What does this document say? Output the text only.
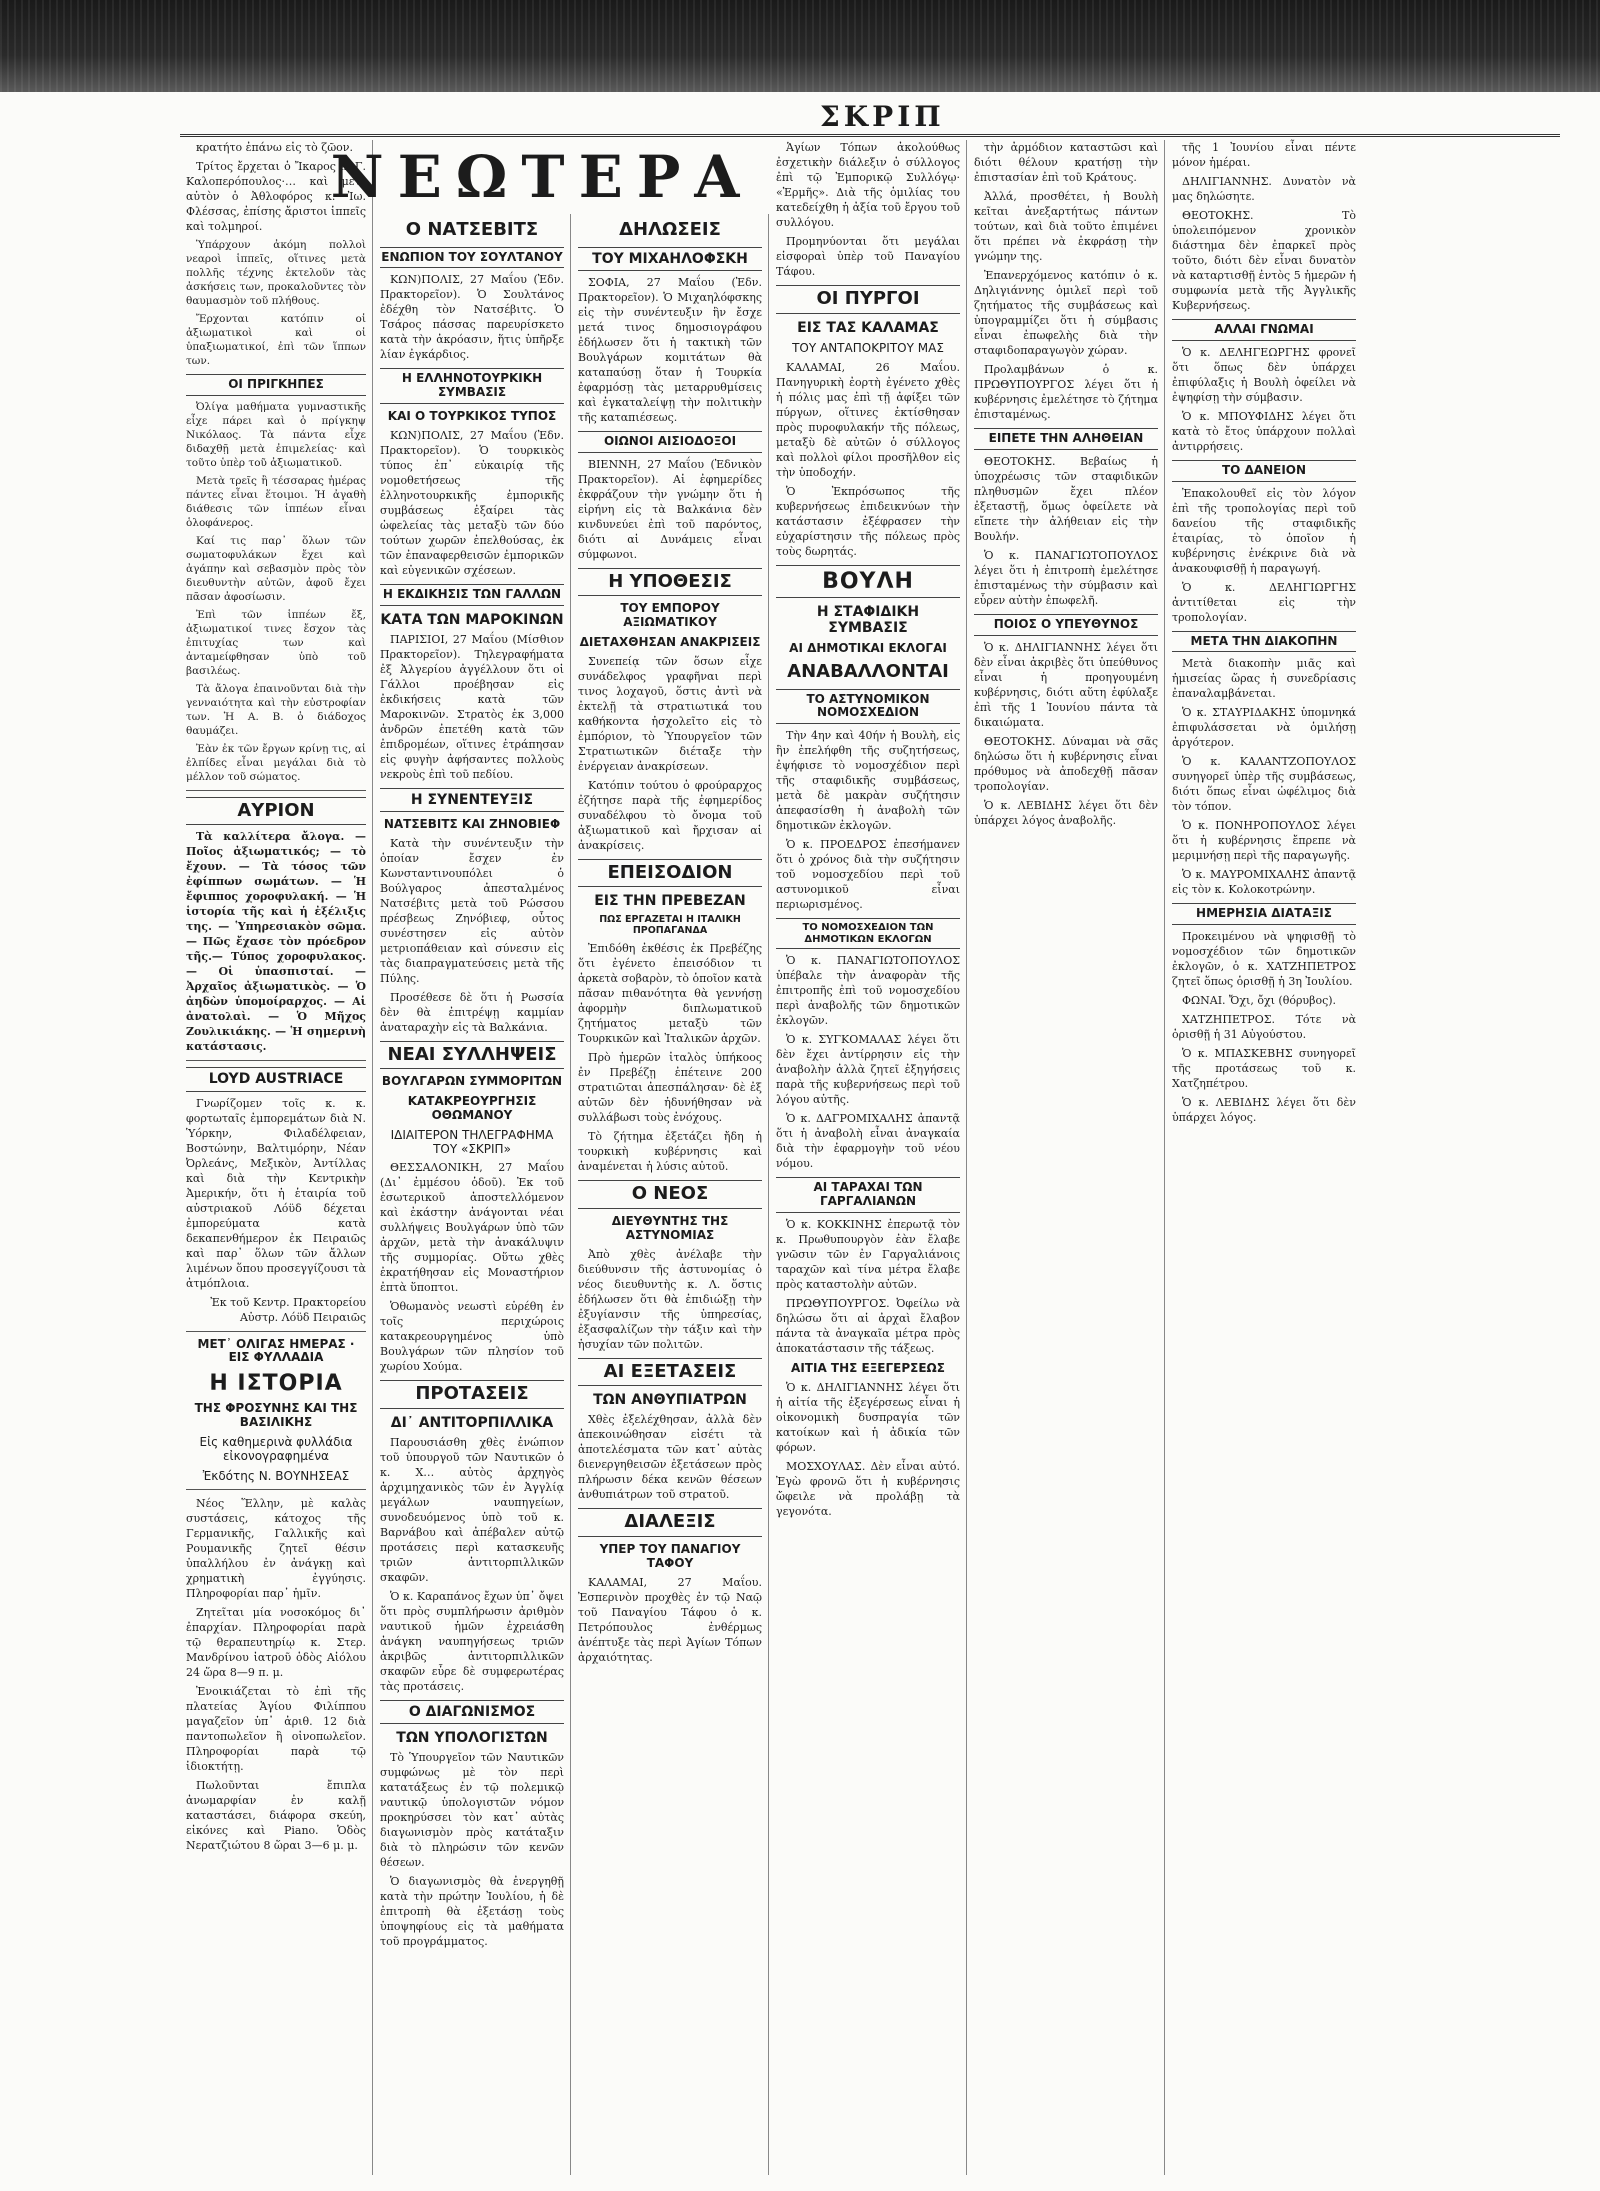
ΣΚΡΙΠ

κρατήτο ἐπάνω εἰς τὸ ζῶον.

Τρίτος ἔρχεται ὁ Ἴκαρος κ. Γ. Καλοπερόπουλος·… καὶ μετ᾽ αὐτὸν ὁ Ἀθλοφόρος κ. Ἰω. Φλέσσας, ἐπίσης ἄριστοι ἱππεῖς καὶ τολμηροί.

Ὑπάρχουν ἀκόμη πολλοὶ νεαροὶ ἱππεῖς, οἵτινες μετὰ πολλῆς τέχνης ἐκτελοῦν τὰς ἀσκήσεις των, προκαλοῦντες τὸν θαυμασμὸν τοῦ πλήθους.

Ἔρχονται κατόπιν οἱ ἀξιωματικοὶ καὶ οἱ ὑπαξιωματικοί, ἐπὶ τῶν ἵππων των.

ΟΙ ΠΡΙΓΚΗΠΕΣ

Ὀλίγα μαθήματα γυμναστικῆς εἶχε πάρει καὶ ὁ πρίγκηψ Νικόλαος. Τὰ πάντα εἶχε διδαχθῇ μετὰ ἐπιμελείας· καὶ τοῦτο ὑπὲρ τοῦ ἀξιωματικοῦ.

Μετὰ τρεῖς ἢ τέσσαρας ἡμέρας πάντες εἶναι ἕτοιμοι. Ἡ ἀγαθὴ διάθεσις τῶν ἱππέων εἶναι ὁλοφάνερος.

Καί τις παρ᾽ ὅλων τῶν σωματοφυλάκων ἔχει καὶ ἀγάπην καὶ σεβασμὸν πρὸς τὸν διευθυντὴν αὐτῶν, ἀφοῦ ἔχει πᾶσαν ἀφοσίωσιν.

Ἐπὶ τῶν ἱππέων ἔξ, ἀξιωματικοί τινες ἔσχον τὰς ἐπιτυχίας των καὶ ἀνταμείφθησαν ὑπὸ τοῦ βασιλέως.

Τὰ ἄλογα ἐπαινοῦνται διὰ τὴν γενναιότητα καὶ τὴν εὐστροφίαν των. Ἡ Α. Β. ὁ διάδοχος θαυμάζει.

Ἐὰν ἐκ τῶν ἔργων κρίνῃ τις, αἱ ἐλπίδες εἶναι μεγάλαι διὰ τὸ μέλλον τοῦ σώματος.

ΑΥΡΙΟΝ

Τὰ καλλίτερα ἄλογα. — Ποῖος ἀξιωματικός; — τὸ ἔχουν. — Τὰ τόσος τῶν ἐφίππων σωμάτων. — Ἡ ἔφιππος χοροφυλακή. — Ἡ ἱστορία τῆς καὶ ἡ ἐξέλιξις της. — Ὑπηρεσιακὸν σῶμα. — Πῶς ἔχασε τὸν πρόεδρον τῆς.— Τύπος χοροφυλακος.— Οἱ ὑπασπισταί. — Ἀρχαῖος ἀξιωματικὸς. — Ὁ ἀηδὼν ὑπομοίραρχος. — Αἱ ἀνατολαὶ. — Ὁ Μῆχος Ζουλικιάκης. — Ἡ σημερινὴ κατάστασις.

LOYD AUSTRIACE

Γνωρίζομεν τοῖς κ. κ. φορτωταῖς ἐμπορεμάτων διὰ Ν. Ὑόρκην, Φιλαδέλφειαν, Βοστώνην, Βαλτιμόρην, Νέαν Ὀρλεάνς, Μεξικὸν, Ἀντίλλας καὶ διὰ τὴν Κεντρικὴν Ἀμερικήν, ὅτι ἡ ἑταιρία τοῦ αὐστριακοῦ Λόϋδ δέχεται ἐμπορεύματα κατὰ δεκαπενθήμερον ἐκ Πειραιῶς καὶ παρ᾽ ὅλων τῶν ἄλλων λιμένων ὅπου προσεγγίζουσι τὰ ἀτμόπλοια.

Ἐκ τοῦ Κεντρ. Πρακτορείου Αὐστρ. Λόϋδ Πειραιῶς

ΜΕΤ᾽ ΟΛΙΓΑΣ ΗΜΕΡΑΣ · ΕΙΣ ΦΥΛΛΑΔΙΑ
Η ΙΣΤΟΡΙΑ
ΤΗΣ ΦΡΟΣΥΝΗΣ ΚΑΙ ΤΗΣ ΒΑΣΙΛΙΚΗΣ
Εἰς καθημερινὰ φυλλάδια εἰκονογραφημένα
Ἐκδότης Ν. ΒΟΥΝΗΣΕΑΣ

Νέος Ἕλλην, μὲ καλὰς συστάσεις, κάτοχος τῆς Γερμανικῆς, Γαλλικῆς καὶ Ρουμανικῆς ζητεῖ θέσιν ὑπαλλήλου ἐν ἀνάγκῃ καὶ χρηματικὴ ἐγγύησις. Πληροφορίαι παρ᾽ ἡμῖν.

Ζητεῖται μία νοσοκόμος δι᾽ ἐπαρχίαν. Πληροφορίαι παρὰ τῷ θεραπευτηρίῳ κ. Στερ. Μανδρίνου ἰατροῦ ὁδὸς Αἰόλου 24 ὥρα 8—9 π. μ.

Ἐνοικιάζεται τὸ ἐπὶ τῆς πλατείας Ἁγίου Φιλίππου μαγαζεῖον ὑπ᾽ ἀριθ. 12 διὰ παντοπωλεῖον ἢ οἰνοπωλεῖον. Πληροφορίαι παρὰ τῷ ἰδιοκτήτῃ.

Πωλοῦνται ἔπιπλα ἀνωμαρφίαν ἐν καλῇ καταστάσει, διάφορα σκεύη, εἰκόνες καὶ Piano. Ὁδὸς Νερατζιώτου 8 ὥραι 3—6 μ. μ.

ΝΕΩΤΕΡΑ
Ο ΝΑΤΣΕΒΙΤΣ
ΕΝΩΠΙΟΝ ΤΟΥ ΣΟΥΛΤΑΝΟΥ

ΚΩΝ)ΠΟΛΙΣ, 27 Μαΐου (Ἐδν. Πρακτορεῖον). Ὁ Σουλτάνος ἐδέχθη τὸν Νατσέβιτς. Ὁ Τσάρος πάσσας παρευρίσκετο κατὰ τὴν ἀκρόασιν, ἥτις ὑπῆρξε λίαν ἐγκάρδιος.

Η ΕΛΛΗΝΟΤΟΥΡΚΙΚΗ ΣΥΜΒΑΣΙΣ
ΚΑΙ Ο ΤΟΥΡΚΙΚΟΣ ΤΥΠΟΣ

ΚΩΝ)ΠΟΛΙΣ, 27 Μαΐου (Ἐδν. Πρακτορεῖον). Ὁ τουρκικὸς τύπος ἐπ᾽ εὐκαιρίᾳ τῆς νομοθετήσεως τῆς ἑλληνοτουρκικῆς ἐμπορικῆς συμβάσεως ἐξαίρει τὰς ὠφελείας τὰς μεταξὺ τῶν δύο τούτων χωρῶν ἐπελθούσας, ἐκ τῶν ἐπαναφερθεισῶν ἐμπορικῶν καὶ εὐγενικῶν σχέσεων.

Η ΕΚΔΙΚΗΣΙΣ ΤΩΝ ΓΑΛΛΩΝ
ΚΑΤΑ ΤΩΝ ΜΑΡΟΚΙΝΩΝ

ΠΑΡΙΣΙΟΙ, 27 Μαΐου (Μίσθιον Πρακτορεῖον). Τηλεγραφήματα ἐξ Ἀλγερίου ἀγγέλλουν ὅτι οἱ Γάλλοι προέβησαν εἰς ἐκδικήσεις κατὰ τῶν Μαροκινῶν. Στρατὸς ἐκ 3,000 ἀνδρῶν ἐπετέθη κατὰ τῶν ἐπιδρομέων, οἵτινες ἐτράπησαν εἰς φυγὴν ἀφήσαντες πολλοὺς νεκροὺς ἐπὶ τοῦ πεδίου.

Η ΣΥΝΕΝΤΕΥΞΙΣ
ΝΑΤΣΕΒΙΤΣ ΚΑΙ ΖΗΝΟΒΙΕΦ

Κατὰ τὴν συνέντευξιν τὴν ὁποίαν ἔσχεν ἐν Κωνσταντινουπόλει ὁ Βούλγαρος ἀπεσταλμένος Νατσέβιτς μετὰ τοῦ Ρώσσου πρέσβεως Ζηνόβιεφ, οὗτος συνέστησεν εἰς αὐτὸν μετριοπάθειαν καὶ σύνεσιν εἰς τὰς διαπραγματεύσεις μετὰ τῆς Πύλης.

Προσέθεσε δὲ ὅτι ἡ Ρωσσία δὲν θὰ ἐπιτρέψῃ καμμίαν ἀναταραχὴν εἰς τὰ Βαλκάνια.

ΝΕΑΙ ΣΥΛΛΗΨΕΙΣ
ΒΟΥΛΓΑΡΩΝ ΣΥΜΜΟΡΙΤΩΝ
ΚΑΤΑΚΡΕΟΥΡΓΗΣΙΣ ΟΘΩΜΑΝΟΥ
ΙΔΙΑΙΤΕΡΟΝ ΤΗΛΕΓΡΑΦΗΜΑ ΤΟΥ «ΣΚΡΙΠ»

ΘΕΣΣΑΛΟΝΙΚΗ, 27 Μαΐου (Δι᾽ ἐμμέσου ὁδοῦ). Ἐκ τοῦ ἐσωτερικοῦ ἀποστελλόμενον καὶ ἐκάστην ἀνάγονται νέαι συλλήψεις Βουλγάρων ὑπὸ τῶν ἀρχῶν, μετὰ τὴν ἀνακάλυψιν τῆς συμμορίας. Οὕτω χθὲς ἐκρατήθησαν εἰς Μοναστήριον ἐπτὰ ὕποπτοι.

Ὁθωμανὸς νεωστὶ εὑρέθη ἐν τοῖς περιχώροις κατακρεουργημένος ὑπὸ Βουλγάρων τῶν πλησίον τοῦ χωρίου Χούμα.

ΠΡΟΤΑΣΕΙΣ
ΔΙ᾽ ΑΝΤΙΤΟΡΠΙΛΛΙΚΑ

Παρουσιάσθη χθὲς ἐνώπιον τοῦ ὑπουργοῦ τῶν Ναυτικῶν ὁ κ. Χ… αὐτὸς ἀρχηγὸς ἀρχιμηχανικὸς τῶν ἐν Ἀγγλίᾳ μεγάλων ναυπηγείων, συνοδευόμενος ὑπὸ τοῦ κ. Βαρνάβου καὶ ἀπέβαλεν αὐτῷ προτάσεις περὶ κατασκευῆς τριῶν ἀντιτορπιλλικῶν σκαφῶν.

Ὁ κ. Καραπάνος ἔχων ὑπ᾽ ὄψει ὅτι πρὸς συμπλήρωσιν ἀριθμὸν ναυτικοῦ ἡμῶν ἐχρειάσθη ἀνάγκη ναυπηγήσεως τριῶν ἀκριβῶς ἀντιτορπιλλικῶν σκαφῶν εὗρε δὲ συμφερωτέρας τὰς προτάσεις.

Ο ΔΙΑΓΩΝΙΣΜΟΣ
ΤΩΝ ΥΠΟΛΟΓΙΣΤΩΝ

Τὸ Ὑπουργεῖον τῶν Ναυτικῶν συμφώνως μὲ τὸν περὶ κατατάξεως ἐν τῷ πολεμικῷ ναυτικῷ ὑπολογιστῶν νόμον προκηρύσσει τὸν κατ᾽ αὐτὰς διαγωνισμὸν πρὸς κατάταξιν διὰ τὸ πληρώσιν τῶν κενῶν θέσεων.

Ὁ διαγωνισμὸς θὰ ἐνεργηθῇ κατὰ τὴν πρώτην Ἰουλίου, ἡ δὲ ἐπιτροπὴ θὰ ἐξετάσῃ τοὺς ὑποψηφίους εἰς τὰ μαθήματα τοῦ προγράμματος.

ΔΗΛΩΣΕΙΣ
ΤΟΥ ΜΙΧΑΗΛΟΦΣΚΗ

ΣΟΦΙΑ, 27 Μαΐου (Ἐδν. Πρακτορεῖον). Ὁ Μιχαηλόφσκης εἰς τὴν συνέντευξιν ἣν ἔσχε μετά τινος δημοσιογράφου ἐδήλωσεν ὅτι ἡ τακτικὴ τῶν Βουλγάρων κομιτάτων θὰ καταπαύσῃ ὅταν ἡ Τουρκία ἐφαρμόσῃ τὰς μεταρρυθμίσεις καὶ ἐγκαταλείψῃ τὴν πολιτικὴν τῆς καταπιέσεως.

ΟΙΩΝΟΙ ΑΙΣΙΟΔΟΞΟΙ

ΒΙΕΝΝΗ, 27 Μαΐου (Ἐδνικὸν Πρακτορεῖον). Αἱ ἐφημερίδες ἐκφράζουν τὴν γνώμην ὅτι ἡ εἰρήνη εἰς τὰ Βαλκάνια δὲν κινδυνεύει ἐπὶ τοῦ παρόντος, διότι αἱ Δυνάμεις εἶναι σύμφωνοι.

Η ΥΠΟΘΕΣΙΣ
ΤΟΥ ΕΜΠΟΡΟΥ ΑΞΙΩΜΑΤΙΚΟΥ
ΔΙΕΤΑΧΘΗΣΑΝ ΑΝΑΚΡΙΣΕΙΣ

Συνεπείᾳ τῶν ὅσων εἶχε συνάδελφος γραφῆναι περὶ τινος λοχαγοῦ, ὅστις ἀντὶ νὰ ἐκτελῇ τὰ στρατιωτικά του καθήκοντα ἠσχολεῖτο εἰς τὸ ἐμπόριον, τὸ Ὑπουργεῖον τῶν Στρατιωτικῶν διέταξε τὴν ἐνέργειαν ἀνακρίσεων.

Κατόπιν τούτου ὁ φρούραρχος ἐζήτησε παρὰ τῆς ἐφημερίδος συναδέλφου τὸ ὄνομα τοῦ ἀξιωματικοῦ καὶ ἤρχισαν αἱ ἀνακρίσεις.

ΕΠΕΙΣΟΔΙΟΝ
ΕΙΣ ΤΗΝ ΠΡΕΒΕΖΑΝ
ΠΩΣ ΕΡΓΑΖΕΤΑΙ Η ΙΤΑΛΙΚΗ ΠΡΟΠΑΓΑΝΔΑ

Ἐπιδόθη ἐκθέσις ἐκ Πρεβέζης ὅτι ἐγένετο ἐπεισόδιον τι ἀρκετὰ σοβαρὸν, τὸ ὁποῖον κατὰ πᾶσαν πιθανότητα θὰ γεννήσῃ ἀφορμὴν διπλωματικοῦ ζητήματος μεταξὺ τῶν Τουρκικῶν καὶ Ἰταλικῶν ἀρχῶν.

Πρὸ ἡμερῶν ἰταλὸς ὑπήκοος ἐν Πρεβέζῃ ἐπέτεινε 200 στρατιῶται ἀπεσπάλησαν· δὲ ἐξ αὐτῶν δὲν ἠδυνήθησαν νὰ συλλάβωσι τοὺς ἐνόχους.

Τὸ ζήτημα ἐξετάζει ἤδη ἡ τουρκικὴ κυβέρνησις καὶ ἀναμένεται ἡ λύσις αὐτοῦ.

Ο ΝΕΟΣ
ΔΙΕΥΘΥΝΤΗΣ ΤΗΣ ΑΣΤΥΝΟΜΙΑΣ

Ἀπὸ χθὲς ἀνέλαβε τὴν διεύθυνσιν τῆς ἀστυνομίας ὁ νέος διευθυντὴς κ. Λ. ὅστις ἐδήλωσεν ὅτι θὰ ἐπιδιώξῃ τὴν ἐξυγίανσιν τῆς ὑπηρεσίας, ἐξασφαλίζων τὴν τάξιν καὶ τὴν ἡσυχίαν τῶν πολιτῶν.

ΑΙ ΕΞΕΤΑΣΕΙΣ
ΤΩΝ ΑΝΘΥΠΙΑΤΡΩΝ

Χθὲς ἐξελέχθησαν, ἀλλὰ δὲν ἀπεκοινώθησαν εἰσέτι τὰ ἀποτελέσματα τῶν κατ᾽ αὐτὰς διενεργηθεισῶν ἐξετάσεων πρὸς πλήρωσιν δέκα κενῶν θέσεων ἀνθυπιάτρων τοῦ στρατοῦ.

ΔΙΑΛΕΞΙΣ
ΥΠΕΡ ΤΟΥ ΠΑΝΑΓΙΟΥ ΤΑΦΟΥ

ΚΑΛΑΜΑΙ, 27 Μαΐου. Ἐσπερινὸν προχθὲς ἐν τῷ Ναῷ τοῦ Παναγίου Τάφου ὁ κ. Πετρόπουλος ἐνθέρμως ἀνέπτυξε τὰς περὶ Ἀγίων Τόπων ἀρχαιότητας.

Ἁγίων Τόπων ἀκολούθως ἐσχετικὴν διάλεξιν ὁ σύλλογος ἐπὶ τῷ Ἐμπορικῷ Συλλόγῳ· «Ἑρμῆς». Διὰ τῆς ὁμιλίας του κατεδείχθη ἡ ἀξία τοῦ ἔργου τοῦ συλλόγου.

Προμηνύονται ὅτι μεγάλαι εἰσφοραὶ ὑπὲρ τοῦ Παναγίου Τάφου.

ΟΙ ΠΥΡΓΟΙ
ΕΙΣ ΤΑΣ ΚΑΛΑΜΑΣ
ΤΟΥ ΑΝΤΑΠΟΚΡΙΤΟΥ ΜΑΣ

ΚΑΛΑΜΑΙ, 26 Μαΐου. Πανηγυρικὴ ἐορτὴ ἐγένετο χθὲς ἡ πόλις μας ἐπὶ τῇ ἀφίξει τῶν πύργων, οἵτινες ἐκτίσθησαν πρὸς πυροφυλακήν τῆς πόλεως, μεταξὺ δὲ αὐτῶν ὁ σύλλογος καὶ πολλοὶ φίλοι προσῆλθον εἰς τὴν ὑποδοχήν.

Ὁ Ἐκπρόσωπος τῆς κυβερνήσεως ἐπιδεικνύων τὴν κατάστασιν ἐξέφρασεν τὴν εὐχαρίστησιν τῆς πόλεως πρὸς τοὺς δωρητάς.

ΒΟΥΛΗ
Η ΣΤΑΦΙΔΙΚΗ ΣΥΜΒΑΣΙΣ
ΑΙ ΔΗΜΟΤΙΚΑΙ ΕΚΛΟΓΑΙ
ΑΝΑΒΑΛΛΟΝΤΑΙ
ΤΟ ΑΣΤΥΝΟΜΙΚΟΝ ΝΟΜΟΣΧΕΔΙΟΝ

Τὴν 4ην καὶ 40ήν ἡ Βουλὴ, εἰς ἣν ἐπελήφθη τῆς συζητήσεως, ἐψήφισε τὸ νομοσχέδιον περὶ τῆς σταφιδικῆς συμβάσεως, μετὰ δὲ μακρὰν συζήτησιν ἀπεφασίσθη ἡ ἀναβολὴ τῶν δημοτικῶν ἐκλογῶν.

Ὁ κ. ΠΡΟΕΔΡΟΣ ἐπεσήμανεν ὅτι ὁ χρόνος διὰ τὴν συζήτησιν τοῦ νομοσχεδίου περὶ τοῦ αστυνομικοῦ εἶναι περιωρισμένος.

ΤΟ ΝΟΜΟΣΧΕΔΙΟΝ ΤΩΝ ΔΗΜΟΤΙΚΩΝ ΕΚΛΟΓΩΝ

Ὁ κ. ΠΑΝΑΓΙΩΤΟΠΟΥΛΟΣ ὑπέβαλε τὴν ἀναφορὰν τῆς ἐπιτροπῆς ἐπὶ τοῦ νομοσχεδίου περὶ ἀναβολῆς τῶν δημοτικῶν ἐκλογῶν.

Ὁ κ. ΣΥΓΚΟΜΑΛΑΣ λέγει ὅτι δὲν ἔχει ἀντίρρησιν εἰς τὴν ἀναβολὴν ἀλλὰ ζητεῖ ἐξηγήσεις παρὰ τῆς κυβερνήσεως περὶ τοῦ λόγου αὐτῆς.

Ὁ κ. ΔΑΓΡΟΜΙΧΑΛΗΣ ἀπαντᾷ ὅτι ἡ ἀναβολὴ εἶναι ἀναγκαία διὰ τὴν ἐφαρμογὴν τοῦ νέου νόμου.

ΑΙ ΤΑΡΑΧΑΙ ΤΩΝ ΓΑΡΓΑΛΙΑΝΩΝ

Ὁ κ. ΚΟΚΚΙΝΗΣ ἐπερωτᾷ τὸν κ. Πρωθυπουργὸν ἐὰν ἔλαβε γνῶσιν τῶν ἐν Γαργαλιάνοις ταραχῶν καὶ τίνα μέτρα ἔλαβε πρὸς καταστολὴν αὐτῶν.

ΠΡΩΘΥΠΟΥΡΓΟΣ. Ὀφείλω νὰ δηλώσω ὅτι αἱ ἀρχαὶ ἔλαβον πάντα τὰ ἀναγκαῖα μέτρα πρὸς ἀποκατάστασιν τῆς τάξεως.

ΑΙΤΙΑ ΤΗΣ ΕΞΕΓΕΡΣΕΩΣ

Ὁ κ. ΔΗΛΙΓΙΑΝΝΗΣ λέγει ὅτι ἡ αἰτία τῆς ἐξεγέρσεως εἶναι ἡ οἰκονομικὴ δυσπραγία τῶν κατοίκων καὶ ἡ ἀδικία τῶν φόρων.

ΜΟΣΧΟΥΛΑΣ. Δὲν εἶναι αὐτό. Ἐγὼ φρονῶ ὅτι ἡ κυβέρνησις ὤφειλε νὰ προλάβῃ τὰ γεγονότα.

τὴν ἀρμόδιον καταστῶσι καὶ διότι θέλουν κρατήσῃ τὴν ἐπιστασίαν ἐπὶ τοῦ Κράτους.

Ἀλλά, προσθέτει, ἡ Βουλὴ κεῖται ἀνεξαρτήτως πάντων τούτων, καὶ διὰ τοῦτο ἐπιμένει ὅτι πρέπει νὰ ἐκφράσῃ τὴν γνώμην της.

Ἐπανερχόμενος κατόπιν ὁ κ. Δηλιγιάννης ὁμιλεῖ περὶ τοῦ ζητήματος τῆς συμβάσεως καὶ ὑπογραμμίζει ὅτι ἡ σύμβασις εἶναι ἐπωφελὴς διὰ τὴν σταφιδοπαραγωγὸν χώραν.

Προλαμβάνων ὁ κ. ΠΡΩΘΥΠΟΥΡΓΟΣ λέγει ὅτι ἡ κυβέρνησις ἐμελέτησε τὸ ζήτημα ἐπισταμένως.

ΕΙΠΕΤΕ ΤΗΝ ΑΛΗΘΕΙΑΝ

ΘΕΟΤΟΚΗΣ. Βεβαίως ἡ ὑποχρέωσις τῶν σταφιδικῶν πληθυσμῶν ἔχει πλέον ἐξεταστῇ, ὅμως ὀφείλετε νὰ εἴπετε τὴν ἀλήθειαν εἰς τὴν Βουλήν.

Ὁ κ. ΠΑΝΑΓΙΩΤΟΠΟΥΛΟΣ λέγει ὅτι ἡ ἐπιτροπὴ ἐμελέτησε ἐπισταμένως τὴν σύμβασιν καὶ εὗρεν αὐτὴν ἐπωφελῆ.

ΠΟΙΟΣ Ο ΥΠΕΥΘΥΝΟΣ

Ὁ κ. ΔΗΛΙΓΙΑΝΝΗΣ λέγει ὅτι δὲν εἶναι ἀκριβὲς ὅτι ὑπεύθυνος εἶναι ἡ προηγουμένη κυβέρνησις, διότι αὕτη ἐφύλαξε ἐπὶ τῆς 1 Ἰουνίου πάντα τὰ δικαιώματα.

ΘΕΟΤΟΚΗΣ. Δύναμαι νὰ σᾶς δηλώσω ὅτι ἡ κυβέρνησις εἶναι πρόθυμος νὰ ἀποδεχθῇ πᾶσαν τροπολογίαν.

Ὁ κ. ΛΕΒΙΔΗΣ λέγει ὅτι δὲν ὑπάρχει λόγος ἀναβολῆς.

τῆς 1 Ἰουνίου εἶναι πέντε μόνον ἡμέραι.

ΔΗΛΙΓΙΑΝΝΗΣ. Δυνατὸν νὰ μας δηλώσητε.

ΘΕΟΤΟΚΗΣ. Τὸ ὑπολειπόμενον χρονικὸν διάστημα δὲν ἐπαρκεῖ πρὸς τοῦτο, διότι δὲν εἶναι δυνατὸν νὰ καταρτισθῇ ἐντὸς 5 ἡμερῶν ἡ συμφωνία μετὰ τῆς Ἀγγλικῆς Κυβερνήσεως.

ΑΛΛΑΙ ΓΝΩΜΑΙ

Ὁ κ. ΔΕΛΗΓΕΩΡΓΗΣ φρονεῖ ὅτι ὅπως δὲν ὑπάρχει ἐπιφύλαξις ἡ Βουλὴ ὀφείλει νὰ ἐψηφίσῃ τὴν σύμβασιν.

Ὁ κ. ΜΠΟΥΦΙΔΗΣ λέγει ὅτι κατὰ τὸ ἔτος ὑπάρχουν πολλαὶ ἀντιρρήσεις.

ΤΟ ΔΑΝΕΙΟΝ

Ἐπακολουθεῖ εἰς τὸν λόγον ἐπὶ τῆς τροπολογίας περὶ τοῦ δανείου τῆς σταφιδικῆς ἑταιρίας, τὸ ὁποῖον ἡ κυβέρνησις ἐνέκρινε διὰ νὰ ἀνακουφισθῇ ἡ παραγωγή.

Ὁ κ. ΔΕΛΗΓΙΩΡΓΗΣ ἀντιτίθεται εἰς τὴν τροπολογίαν.

ΜΕΤΑ ΤΗΝ ΔΙΑΚΟΠΗΝ

Μετὰ διακοπὴν μιᾶς καὶ ἡμισείας ὥρας ἡ συνεδρίασις ἐπαναλαμβάνεται.

Ὁ κ. ΣΤΑΥΡΙΔΑΚΗΣ ὑπομνηκά ἐπιφυλάσσεται νὰ ὁμιλήσῃ ἀργότερον.

Ὁ κ. ΚΑΛΑΝΤΖΟΠΟΥΛΟΣ συνηγορεῖ ὑπὲρ τῆς συμβάσεως, διότι ὅπως εἶναι ὠφέλιμος διὰ τὸν τόπον.

Ὁ κ. ΠΟΝΗΡΟΠΟΥΛΟΣ λέγει ὅτι ἡ κυβέρνησις ἔπρεπε νὰ μεριμνήσῃ περὶ τῆς παραγωγῆς.

Ὁ κ. ΜΑΥΡΟΜΙΧΑΛΗΣ ἀπαντᾷ εἰς τὸν κ. Κολοκοτρώνην.

ΗΜΕΡΗΣΙΑ ΔΙΑΤΑΞΙΣ

Προκειμένου νὰ ψηφισθῇ τὸ νομοσχέδιον τῶν δημοτικῶν ἐκλογῶν, ὁ κ. ΧΑΤΖΗΠΕΤΡΟΣ ζητεῖ ὅπως ὁρισθῇ ἡ 3η Ἰουλίου.

ΦΩΝΑΙ. Ὄχι, ὄχι (θόρυβος).

ΧΑΤΖΗΠΕΤΡΟΣ. Τότε νὰ ὁρισθῇ ἡ 31 Αὐγούστου.

Ὁ κ. ΜΠΑΣΚΕΒΗΣ συνηγορεῖ τῆς προτάσεως τοῦ κ. Χατζηπέτρου.

Ὁ κ. ΛΕΒΙΔΗΣ λέγει ὅτι δὲν ὑπάρχει λόγος.
